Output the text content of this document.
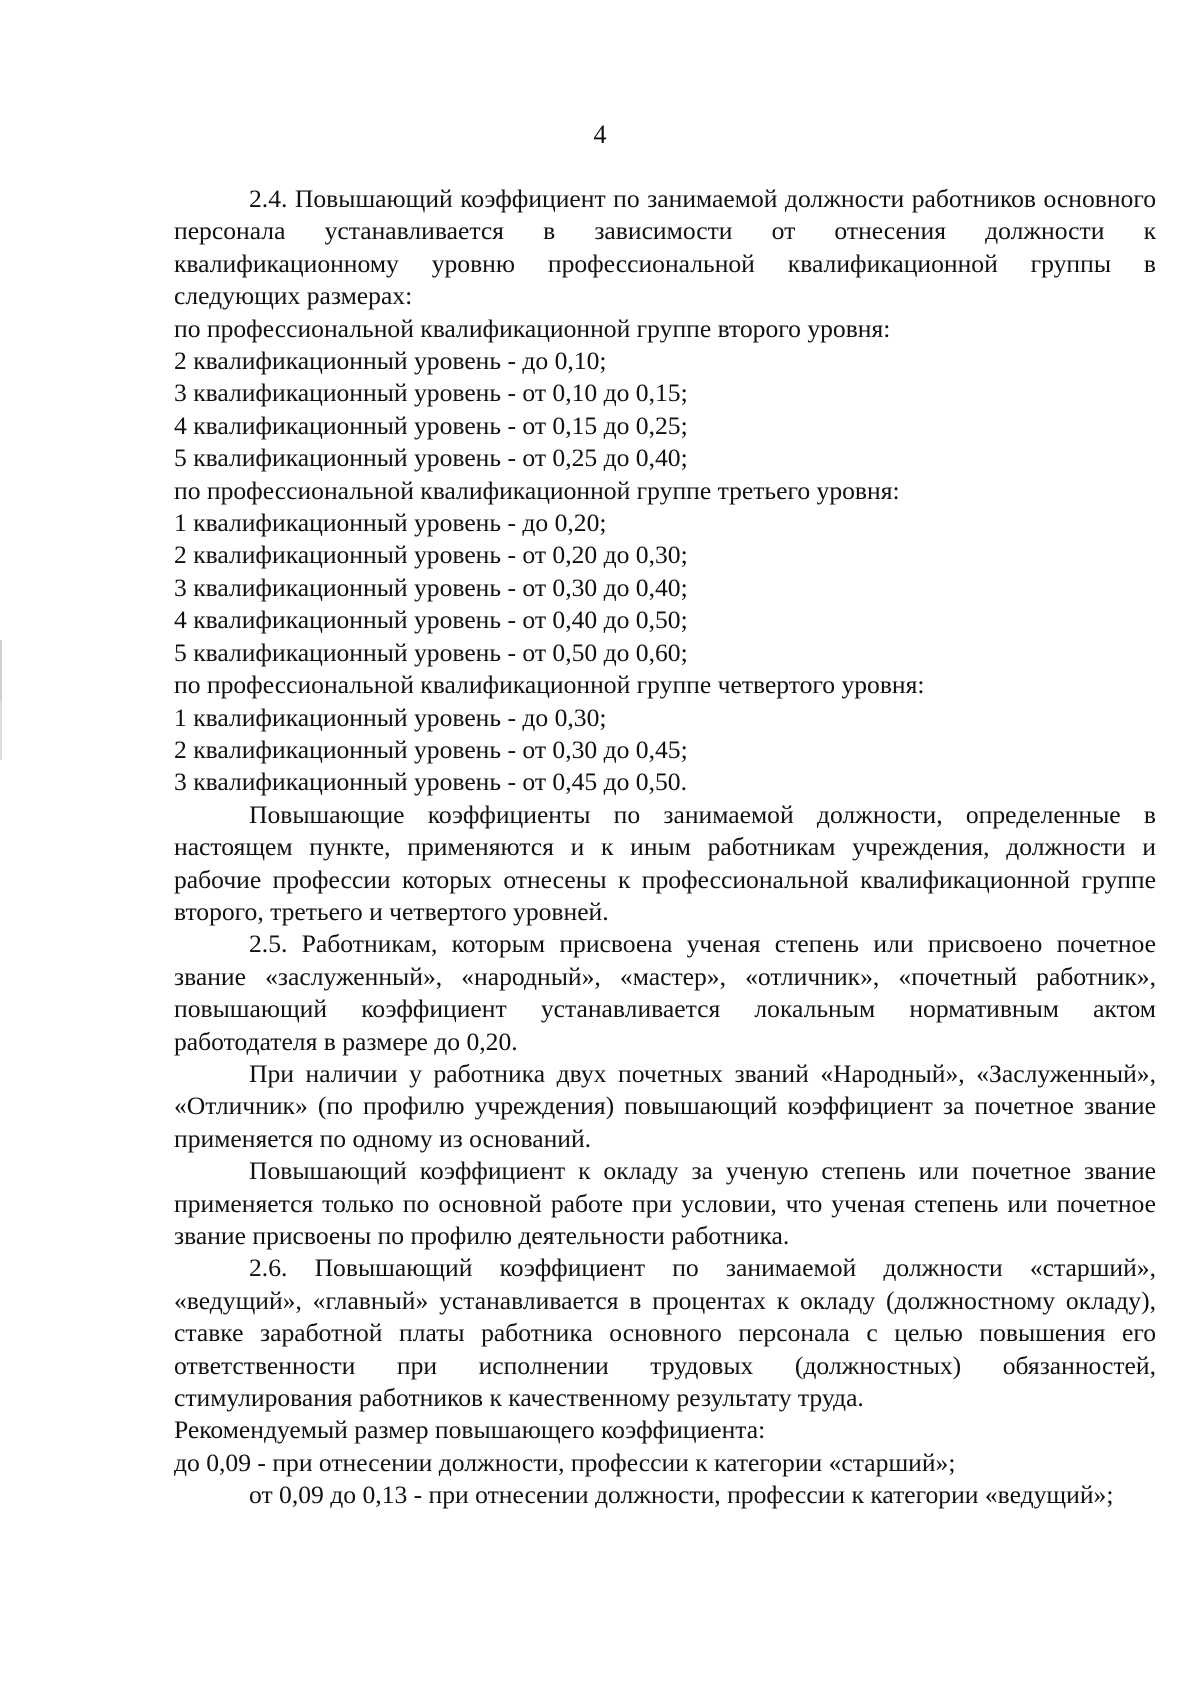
4

2.4. Повышающий коэффициент по занимаемой должности работников основного персонала устанавливается в зависимости от отнесения должности к квалификационному уровню профессиональной квалификационной группы в следующих размерах:

по профессиональной квалификационной группе второго уровня:

2 квалификационный уровень - до 0,10;

3 квалификационный уровень - от 0,10 до 0,15;

4 квалификационный уровень - от 0,15 до 0,25;

5 квалификационный уровень - от 0,25 до 0,40;

по профессиональной квалификационной группе третьего уровня:

1 квалификационный уровень - до 0,20;

2 квалификационный уровень - от 0,20 до 0,30;

3 квалификационный уровень - от 0,30 до 0,40;

4 квалификационный уровень - от 0,40 до 0,50;

5 квалификационный уровень - от 0,50 до 0,60;

по профессиональной квалификационной группе четвертого уровня:

1 квалификационный уровень - до 0,30;

2 квалификационный уровень - от 0,30 до 0,45;

3 квалификационный уровень - от 0,45 до 0,50.

Повышающие коэффициенты по занимаемой должности, определенные в настоящем пункте, применяются и к иным работникам учреждения, должности и рабочие профессии которых отнесены к профессиональной квалификационной группе второго, третьего и четвертого уровней.

2.5. Работникам, которым присвоена ученая степень или присвоено почетное звание «заслуженный», «народный», «мастер», «отличник», «почетный работник», повышающий коэффициент устанавливается локальным нормативным актом работодателя в размере до 0,20.

При наличии у работника двух почетных званий «Народный», «Заслуженный», «Отличник» (по профилю учреждения) повышающий коэффициент за почетное звание применяется по одному из оснований.

Повышающий коэффициент к окладу за ученую степень или почетное звание применяется только по основной работе при условии, что ученая степень или почетное звание присвоены по профилю деятельности работника.

2.6. Повышающий коэффициент по занимаемой должности «старший», «ведущий», «главный» устанавливается в процентах к окладу (должностному окладу), ставке заработной платы работника основного персонала с целью повышения его ответственности при исполнении трудовых (должностных) обязанностей, стимулирования работников к качественному результату труда.

Рекомендуемый размер повышающего коэффициента:

до 0,09 - при отнесении должности, профессии к категории «старший»;

от 0,09 до 0,13 - при отнесении должности, профессии к категории «ведущий»;
